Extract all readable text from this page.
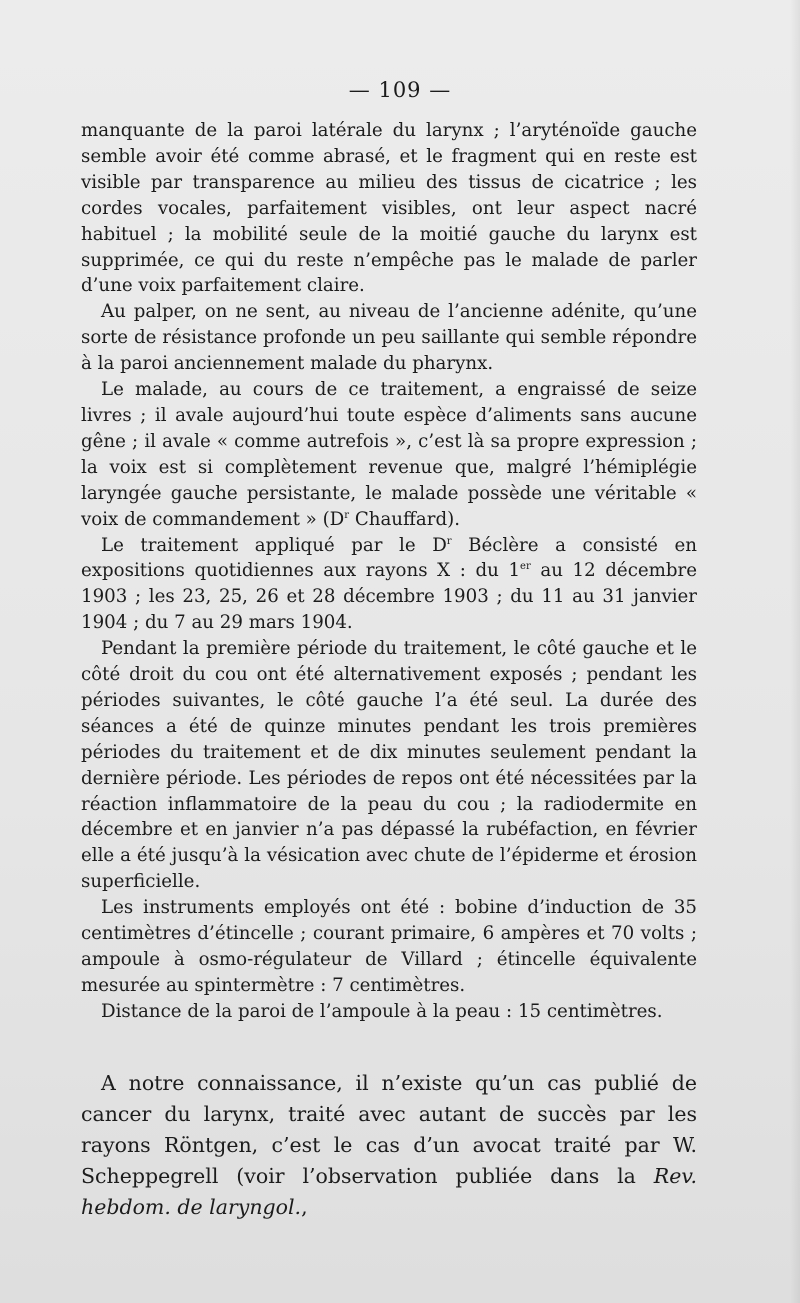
— 109 —

manquante de la paroi latérale du larynx ; l’aryténoïde gauche semble avoir été comme abrasé, et le fragment qui en reste est visible par transparence au milieu des tissus de cicatrice ; les cordes vocales, parfaitement visibles, ont leur aspect nacré habituel ; la mobilité seule de la moitié gauche du larynx est supprimée, ce qui du reste n’empêche pas le malade de parler d’une voix parfaitement claire.

Au palper, on ne sent, au niveau de l’ancienne adénite, qu’une sorte de résistance profonde un peu saillante qui semble répondre à la paroi anciennement malade du pharynx.

Le malade, au cours de ce traitement, a engraissé de seize livres ; il avale aujourd’hui toute espèce d’aliments sans aucune gêne ; il avale « comme autrefois », c’est là sa propre expression ; la voix est si complètement revenue que, malgré l’hémiplégie laryngée gauche persistante, le malade possède une véritable « voix de commandement » ($D^r$ Chauffard).

Le traitement appliqué par le $D^r$ Béclère a consisté en expositions quotidiennes aux rayons X : du 1er au 12 décembre 1903 ; les 23, 25, 26 et 28 décembre 1903 ; du 11 au 31 janvier 1904 ; du 7 au 29 mars 1904.

Pendant la première période du traitement, le côté gauche et le côté droit du cou ont été alternativement exposés ; pendant les périodes suivantes, le côté gauche l’a été seul. La durée des séances a été de quinze minutes pendant les trois premières périodes du traitement et de dix minutes seulement pendant la dernière période. Les périodes de repos ont été nécessitées par la réaction inflammatoire de la peau du cou ; la radiodermite en décembre et en janvier n’a pas dépassé la rubéfaction, en février elle a été jusqu’à la vésication avec chute de l’épiderme et érosion superficielle.

Les instruments employés ont été : bobine d’induction de 35 centimètres d’étincelle ; courant primaire, 6 ampères et 70 volts ; ampoule à osmo-régulateur de Villard ; étincelle équivalente mesurée au spintermètre : 7 centimètres.

Distance de la paroi de l’ampoule à la peau : 15 centimètres.

A notre connaissance, il n’existe qu’un cas publié de cancer du larynx, traité avec autant de succès par les rayons Röntgen, c’est le cas d’un avocat traité par W. Scheppegrell (voir l’observation publiée dans la Rev. hebdom. de laryngol.,
